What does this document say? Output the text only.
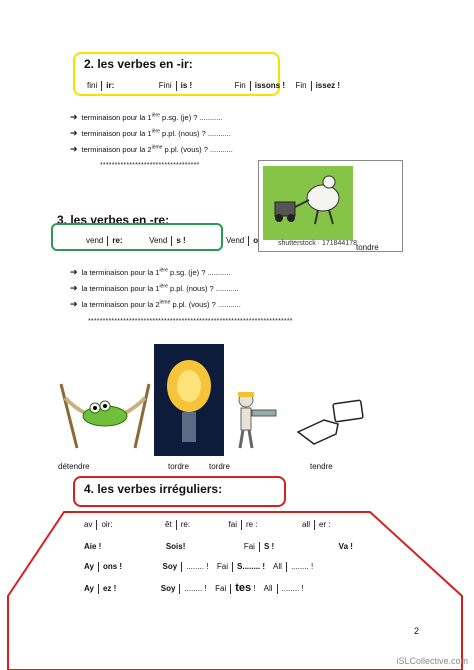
2. les verbes en -ir:
fini ir:	Fini is !	Fin issons ! Fin issez !
➔ terminaison pour la $1^{ière}$ p.sg. (je) ? ...........
➔ terminaison pour la $1^{ière}$ p.pl. (nous) ? ...........
➔ terminaison pour la 2ième p.pl. (vous) ? ...........
**********************************
shutterstock · 171844178 tondre
3. les verbes en -re:
vend re:	Vend s !	Vend o
➔ la terminaison pour la $1^{ière}$ p.sg. (je) ? ...........
➔ la terminaison pour la $1^{ière}$ p.pl. (nous) ? ...........
➔ la terminaison pour la 2ième p.pl. (vous) ? ...........
**********************************************************************
détendre	tordre	tordre	tendre
4. les verbes irréguliers:
av oir:	êt re:	fai re :	all er :
Aie !	Sois!	Fai S !	Va !
Ay ons !	Soy ........ ! Fai S........ ! All ........ !
Ay ez !	Soy ........ ! Fai tes ! All ........ !
2
iSLCollective.com
